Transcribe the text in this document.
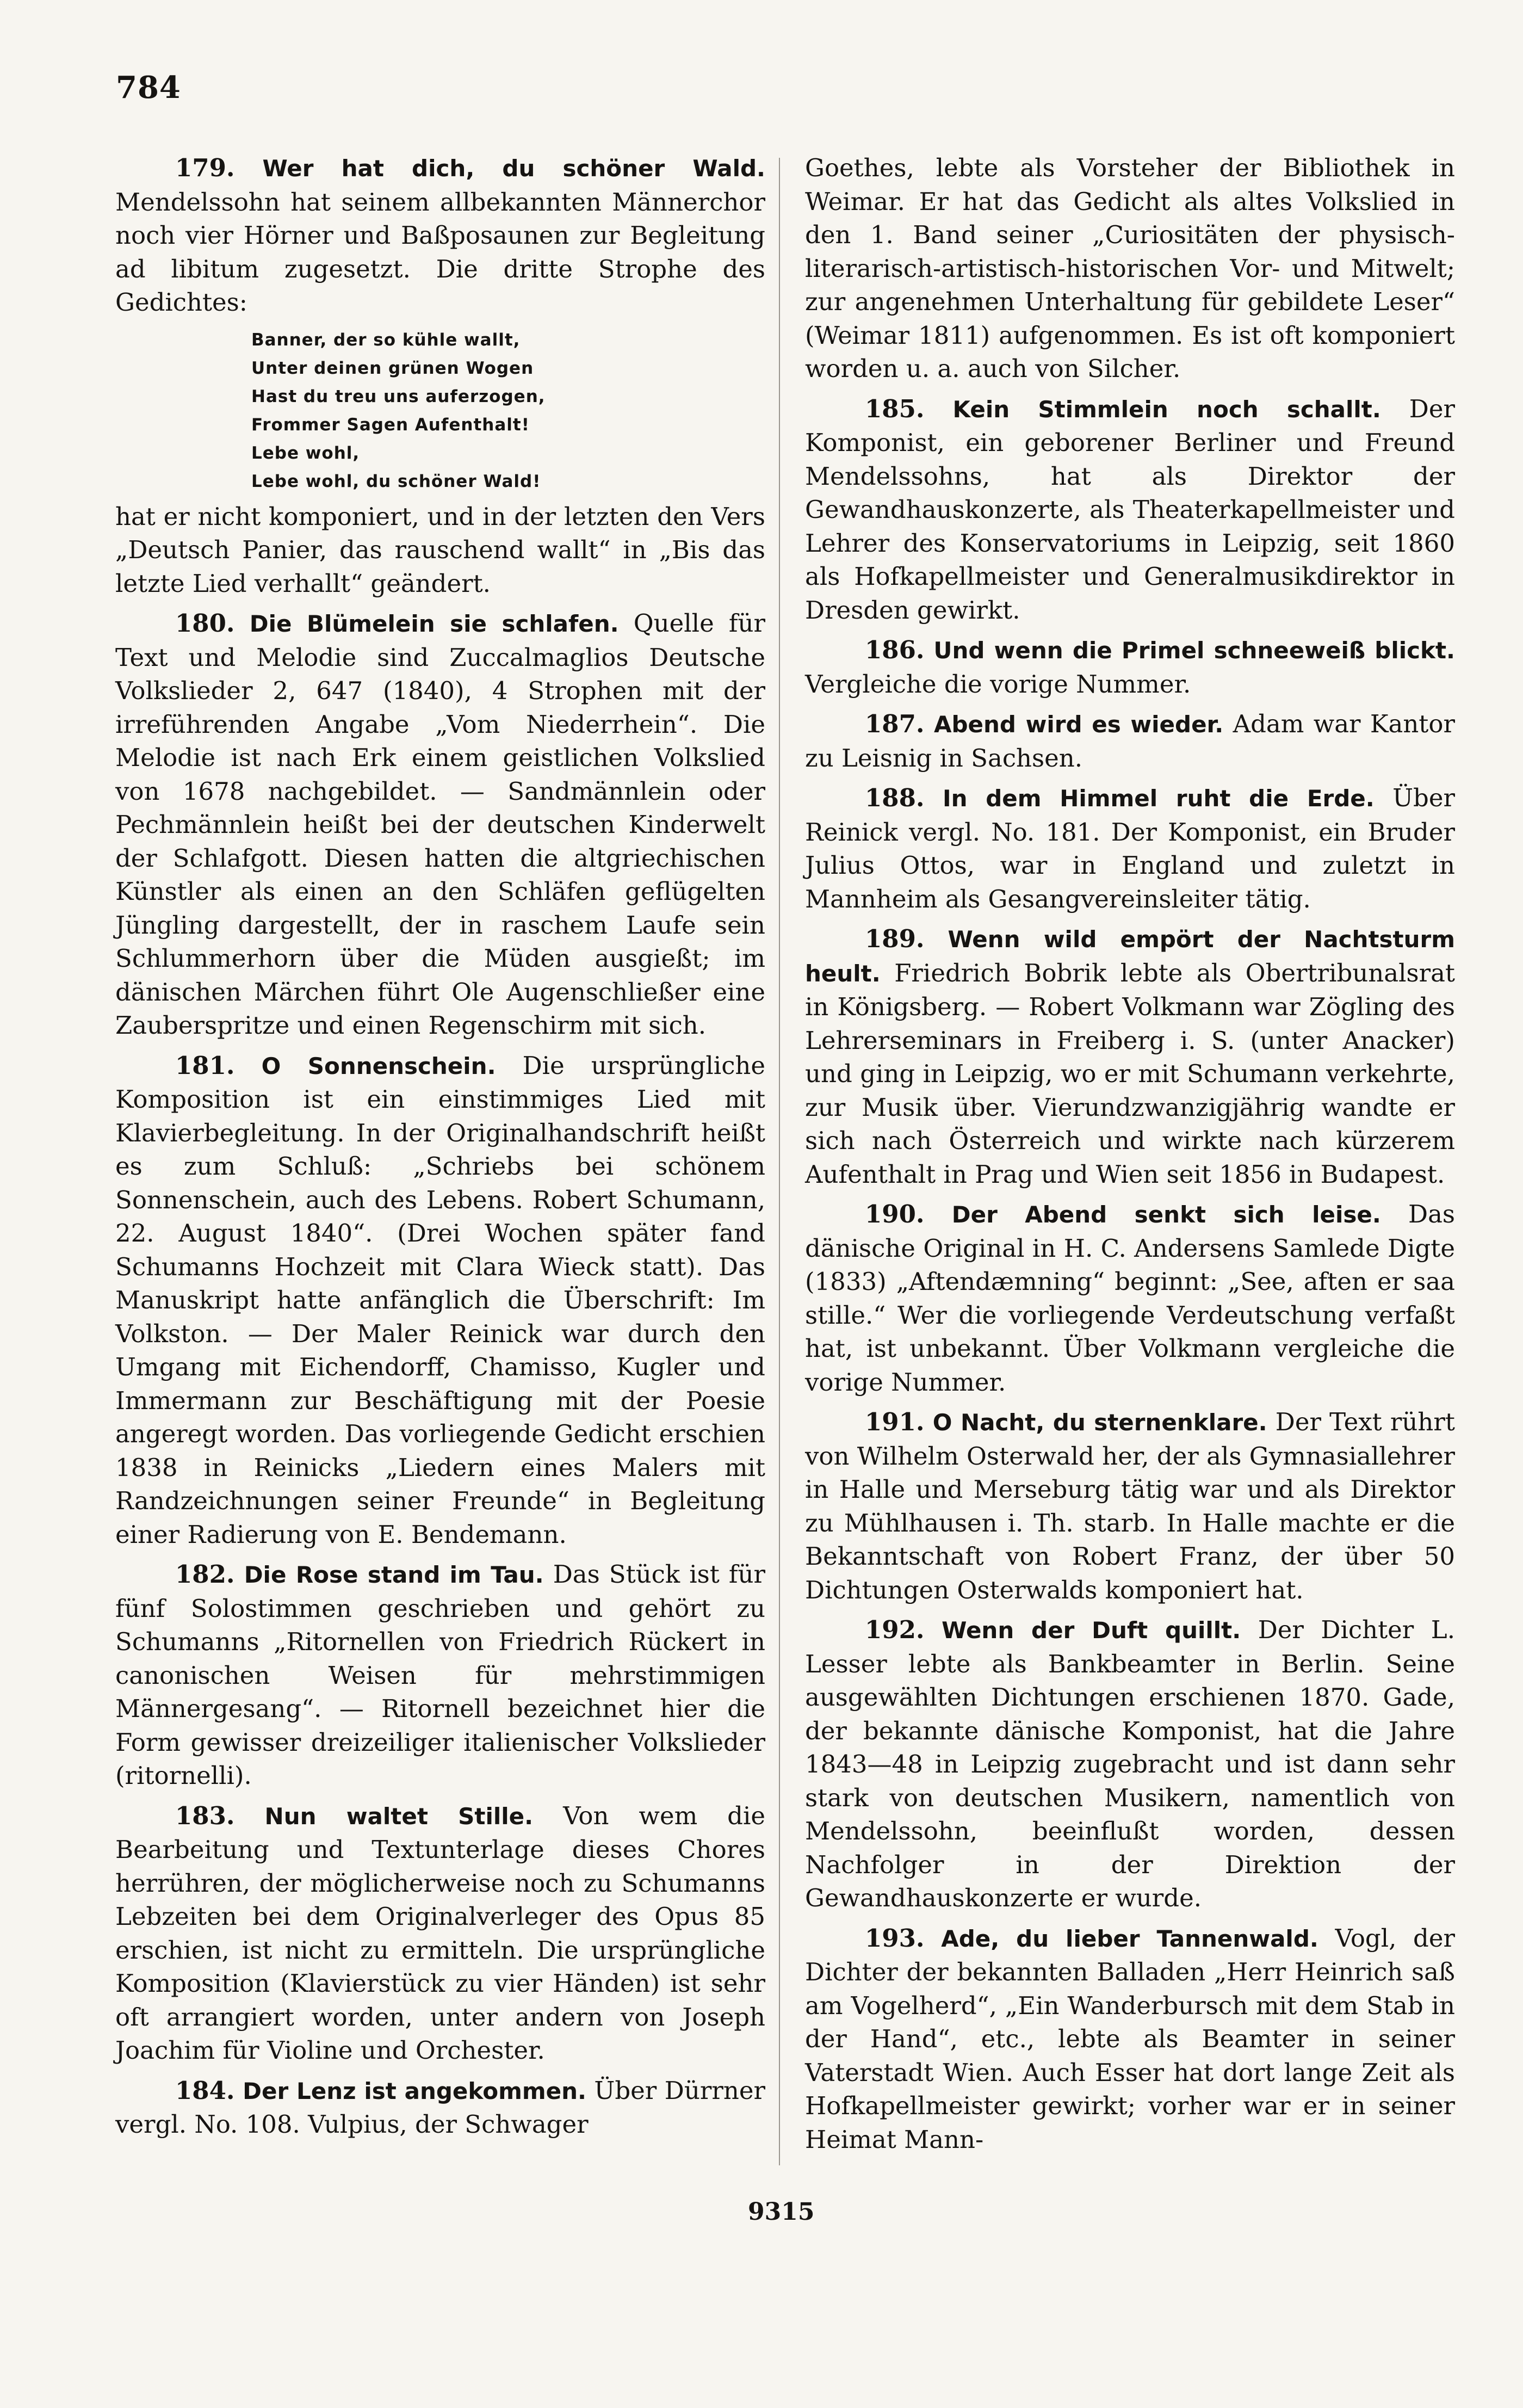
784

179. Wer hat dich, du schöner Wald. Mendelssohn hat seinem allbekannten Männerchor noch vier Hörner und Baßposaunen zur Begleitung ad libitum zugesetzt. Die dritte Strophe des Gedichtes:

Banner, der so kühle wallt,
Unter deinen grünen Wogen
Hast du treu uns auferzogen,
Frommer Sagen Aufenthalt!
Lebe wohl,
Lebe wohl, du schöner Wald!

hat er nicht komponiert, und in der letzten den Vers „Deutsch Panier, das rauschend wallt“ in „Bis das letzte Lied verhallt“ geändert.

180. Die Blümelein sie schlafen. Quelle für Text und Melodie sind Zuccalmaglios Deutsche Volkslieder 2, 647 (1840), 4 Strophen mit der irreführenden Angabe „Vom Niederrhein“. Die Melodie ist nach Erk einem geistlichen Volkslied von 1678 nachgebildet. — Sandmännlein oder Pechmännlein heißt bei der deutschen Kinderwelt der Schlafgott. Diesen hatten die altgriechischen Künstler als einen an den Schläfen geflügelten Jüngling dargestellt, der in raschem Laufe sein Schlummerhorn über die Müden ausgießt; im dänischen Märchen führt Ole Augenschließer eine Zauberspritze und einen Regenschirm mit sich.

181. O Sonnenschein. Die ursprüngliche Komposition ist ein einstimmiges Lied mit Klavierbegleitung. In der Originalhandschrift heißt es zum Schluß: „Schriebs bei schönem Sonnenschein, auch des Lebens. Robert Schumann, 22. August 1840“. (Drei Wochen später fand Schumanns Hochzeit mit Clara Wieck statt). Das Manuskript hatte anfänglich die Überschrift: Im Volkston. — Der Maler Reinick war durch den Umgang mit Eichendorff, Chamisso, Kugler und Immermann zur Beschäftigung mit der Poesie angeregt worden. Das vorliegende Gedicht erschien 1838 in Reinicks „Liedern eines Malers mit Randzeichnungen seiner Freunde“ in Begleitung einer Radierung von E. Bendemann.

182. Die Rose stand im Tau. Das Stück ist für fünf Solostimmen geschrieben und gehört zu Schumanns „Ritornellen von Friedrich Rückert in canonischen Weisen für mehrstimmigen Männergesang“. — Ritornell bezeichnet hier die Form gewisser dreizeiliger italienischer Volkslieder (ritornelli).

183. Nun waltet Stille. Von wem die Bearbeitung und Textunterlage dieses Chores herrühren, der möglicherweise noch zu Schumanns Lebzeiten bei dem Originalverleger des Opus 85 erschien, ist nicht zu ermitteln. Die ursprüngliche Komposition (Klavierstück zu vier Händen) ist sehr oft arrangiert worden, unter andern von Joseph Joachim für Violine und Orchester.

184. Der Lenz ist angekommen. Über Dürrner vergl. No. 108. Vulpius, der Schwager

Goethes, lebte als Vorsteher der Bibliothek in Weimar. Er hat das Gedicht als altes Volkslied in den 1. Band seiner „Curiositäten der physisch-literarisch-artistisch-historischen Vor- und Mitwelt; zur angenehmen Unterhaltung für gebildete Leser“ (Weimar 1811) aufgenommen. Es ist oft komponiert worden u. a. auch von Silcher.

185. Kein Stimmlein noch schallt. Der Komponist, ein geborener Berliner und Freund Mendelssohns, hat als Direktor der Gewandhauskonzerte, als Theaterkapellmeister und Lehrer des Konservatoriums in Leipzig, seit 1860 als Hofkapellmeister und Generalmusikdirektor in Dresden gewirkt.

186. Und wenn die Primel schneeweiß blickt. Vergleiche die vorige Nummer.

187. Abend wird es wieder. Adam war Kantor zu Leisnig in Sachsen.

188. In dem Himmel ruht die Erde. Über Reinick vergl. No. 181. Der Komponist, ein Bruder Julius Ottos, war in England und zuletzt in Mannheim als Gesangvereinsleiter tätig.

189. Wenn wild empört der Nachtsturm heult. Friedrich Bobrik lebte als Obertribunalsrat in Königsberg. — Robert Volkmann war Zögling des Lehrerseminars in Freiberg i. S. (unter Anacker) und ging in Leipzig, wo er mit Schumann verkehrte, zur Musik über. Vierundzwanzigjährig wandte er sich nach Österreich und wirkte nach kürzerem Aufenthalt in Prag und Wien seit 1856 in Budapest.

190. Der Abend senkt sich leise. Das dänische Original in H. C. Andersens Samlede Digte (1833) „Aftendæmning“ beginnt: „See, aften er saa stille.“ Wer die vorliegende Verdeutschung verfaßt hat, ist unbekannt. Über Volkmann vergleiche die vorige Nummer.

191. O Nacht, du sternenklare. Der Text rührt von Wilhelm Osterwald her, der als Gymnasiallehrer in Halle und Merseburg tätig war und als Direktor zu Mühlhausen i. Th. starb. In Halle machte er die Bekanntschaft von Robert Franz, der über 50 Dichtungen Osterwalds komponiert hat.

192. Wenn der Duft quillt. Der Dichter L. Lesser lebte als Bankbeamter in Berlin. Seine ausgewählten Dichtungen erschienen 1870. Gade, der bekannte dänische Komponist, hat die Jahre 1843—48 in Leipzig zugebracht und ist dann sehr stark von deutschen Musikern, namentlich von Mendelssohn, beeinflußt worden, dessen Nachfolger in der Direktion der Gewandhauskonzerte er wurde.

193. Ade, du lieber Tannenwald. Vogl, der Dichter der bekannten Balladen „Herr Heinrich saß am Vogelherd“, „Ein Wanderbursch mit dem Stab in der Hand“, etc., lebte als Beamter in seiner Vaterstadt Wien. Auch Esser hat dort lange Zeit als Hofkapellmeister gewirkt; vorher war er in seiner Heimat Mann-

9315
